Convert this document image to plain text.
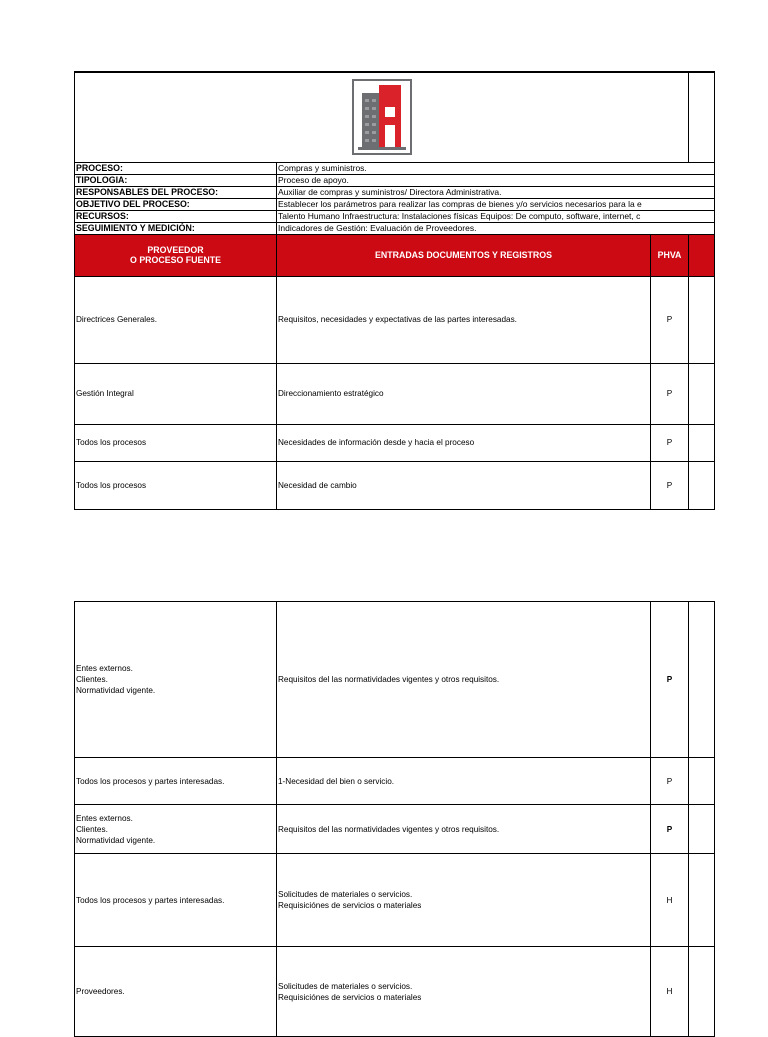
PROCESO:	Compras y suministros.		
TIPOLOGIA:	Proceso de apoyo.		
RESPONSABLES DEL PROCESO:	Auxiliar de compras y suministros/ Directora Administrativa.		
OBJETIVO DEL PROCESO:	Establecer los parámetros para realizar las compras de bienes y/o servicios necesarios para la e		
RECURSOS:	Talento Humano Infraestructura: Instalaciones físicas Equipos: De computo, software, internet, c		
SEGUIMIENTO Y MEDICIÓN:	Indicadores de Gestión: Evaluación de Proveedores.		
PROVEEDOR
O PROCESO FUENTE	ENTRADAS DOCUMENTOS Y REGISTROS	PHVA	
Directrices Generales.	Requisitos, necesidades y expectativas de las partes interesadas.	P	
Gestión Integral	Direccionamiento estratégico	P	
Todos los procesos	Necesidades de información desde y hacia el proceso	P	
Todos los procesos	Necesidad de cambio	P	
Entes externos.
Clientes.
Normatividad vigente.	Requisitos del las normatividades vigentes y otros requisitos.	P	
Todos los procesos y partes interesadas.	1-Necesidad del bien o servicio.	P	
Entes externos.
Clientes.
Normatividad vigente.	Requisitos del las normatividades vigentes y otros requisitos.	P	
Todos los procesos y partes interesadas.	Solicitudes de materiales o servicios.
Requisiciónes de servicios o materiales	H	
Proveedores.	Solicitudes de materiales o servicios.
Requisiciónes de servicios o materiales	H	
